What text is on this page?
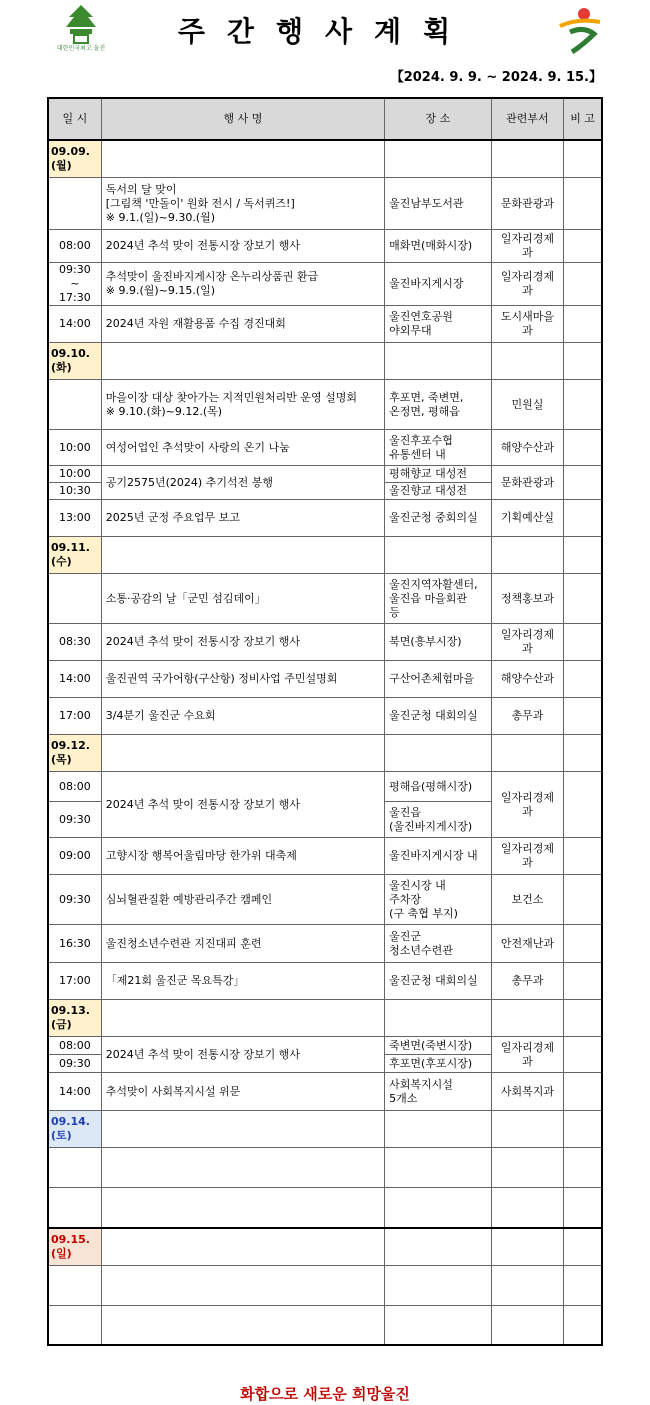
대한민국최고 울진
주간행사계획
【2024. 9. 9. ~ 2024. 9. 15.】
일 시	행 사 명	장 소	관련부서	비 고
09.09.(월)				
	독서의 달 맞이
[그림책 '만돌이' 원화 전시 / 독서퀴즈!]
※ 9.1.(일)~9.30.(월)	울진남부도서관	문화관광과	
08:00	2024년 추석 맞이 전통시장 장보기 행사	매화면(매화시장)	일자리경제과	
09:30 ~
17:30	추석맞이 울진바지게시장 온누리상품권 환급
※ 9.9.(월)~9.15.(일)	울진바지게시장	일자리경제과	
14:00	2024년 자원 재활용품 수집 경진대회	울진연호공원
야외무대	도시새마을과	
09.10.(화)				
	마을이장 대상 찾아가는 지적민원처리반 운영 설명회
※ 9.10.(화)~9.12.(목)	후포면, 죽변면,
온정면, 평해읍	민원실	
10:00	여성어업인 추석맞이 사랑의 온기 나눔	울진후포수협
유통센터 내	해양수산과	
10:00	공기2575년(2024) 추기석전 봉행	평해향교 대성전	문화관광과	
10:30		울진향교 대성전		
13:00	2025년 군정 주요업무 보고	울진군청 중회의실	기획예산실	
09.11.(수)				
	소통·공감의 날「군민 섬김데이」	울진지역자활센터,
울진읍 마을회관
등	정책홍보과	
08:30	2024년 추석 맞이 전통시장 장보기 행사	북면(흥부시장)	일자리경제과	
14:00	울진권역 국가어항(구산항) 정비사업 주민설명회	구산어촌체험마을	해양수산과	
17:00	3/4분기 울진군 수요회	울진군청 대회의실	총무과	
09.12.(목)				
08:00	2024년 추석 맞이 전통시장 장보기 행사	평해읍(평해시장)	일자리경제과	
09:30		울진읍
(울진바지게시장)		
09:00	고향시장 행복어울림마당 한가위 대축제	울진바지게시장 내	일자리경제과	
09:30	심뇌혈관질환 예방관리주간 캠페인	울진시장 내
주차장
(구 축협 부지)	보건소	
16:30	울진청소년수련관 지진대피 훈련	울진군
청소년수련관	안전재난과	
17:00	「제21회 울진군 목요특강」	울진군청 대회의실	총무과	
09.13.(금)				
08:00	2024년 추석 맞이 전통시장 장보기 행사	죽변면(죽변시장)	일자리경제과	
09:30		후포면(후포시장)		
14:00	추석맞이 사회복지시설 위문	사회복지시설
5개소	사회복지과	
09.14.(토)				

09.15.(일)				

화합으로 새로운 희망울진
